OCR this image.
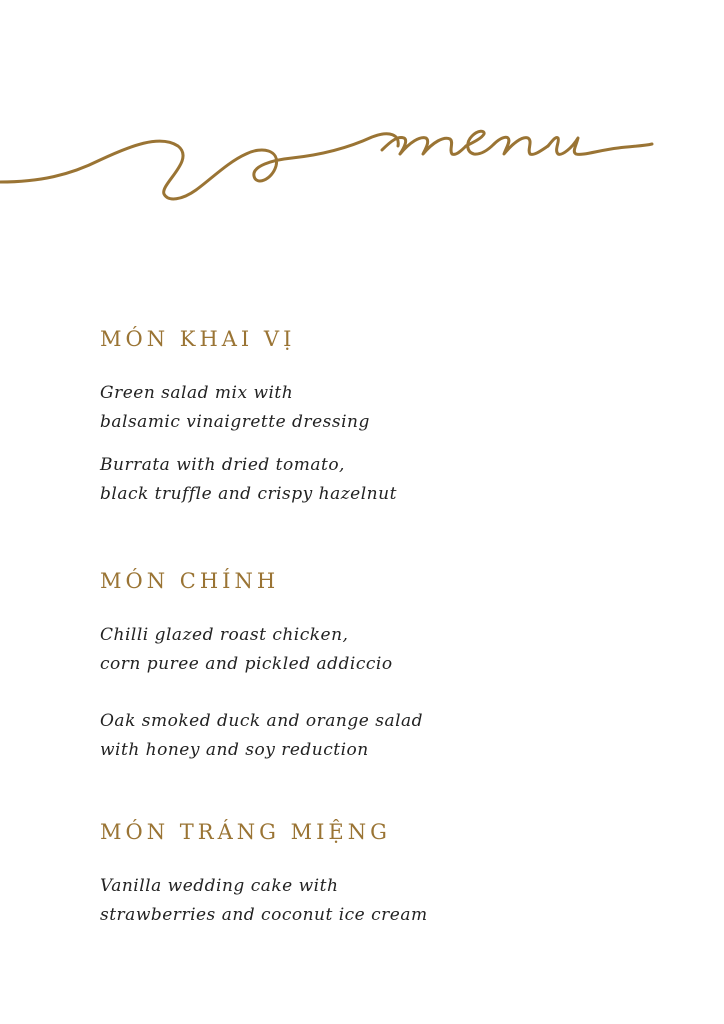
MÓN KHAI VỊ

Green salad mix with
balsamic vinaigrette dressing

Burrata with dried tomato,
black truffle and crispy hazelnut

MÓN CHÍNH

Chilli glazed roast chicken,
corn puree and pickled addiccio

Oak smoked duck and orange salad
with honey and soy reduction

MÓN TRÁNG MIỆNG

Vanilla wedding cake with
strawberries and coconut ice cream
